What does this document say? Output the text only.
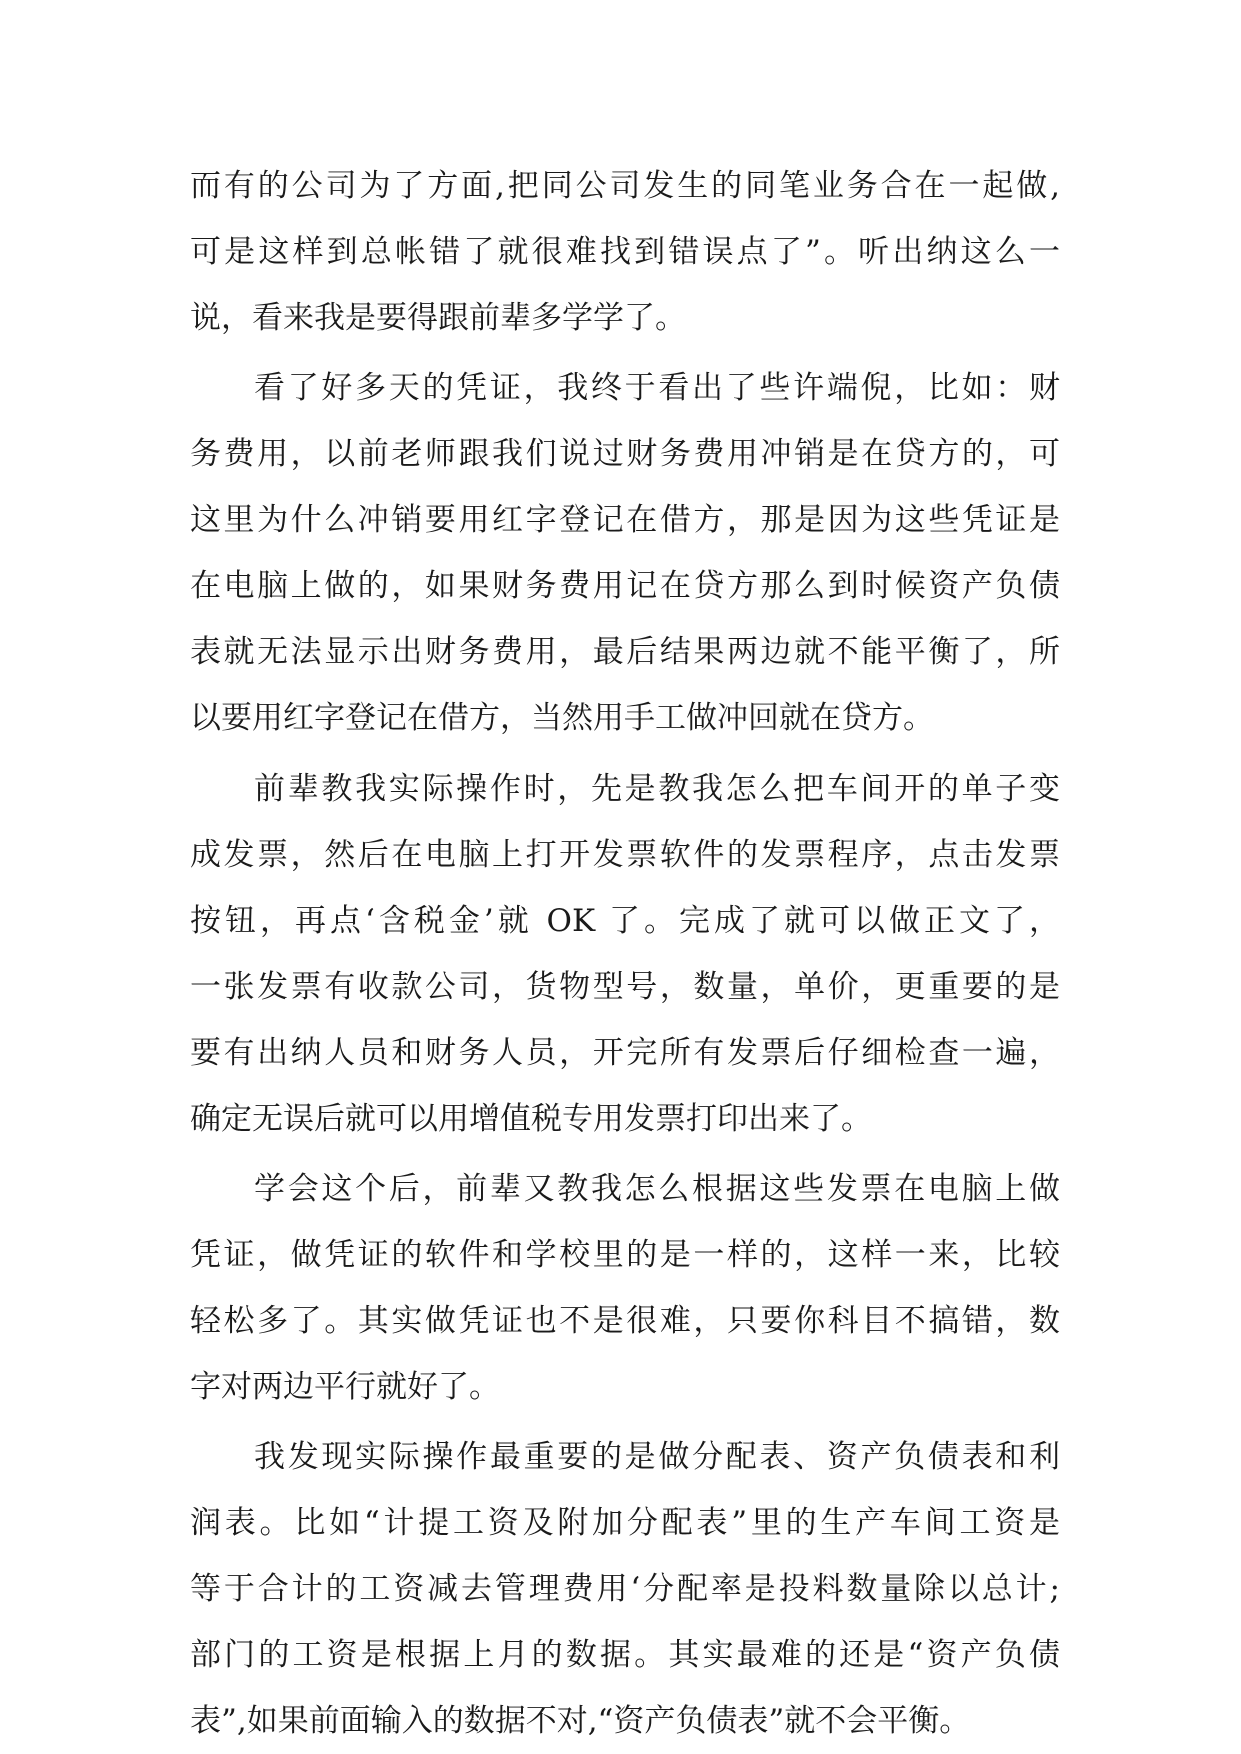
而有的公司为了方面,把同公司发生的同笔业务合在一起做,
可是这样到总帐错了就很难找到错误点了”。听出纳这么一
说，看来我是要得跟前辈多学学了。
看了好多天的凭证，我终于看出了些许端倪，比如：财
务费用，以前老师跟我们说过财务费用冲销是在贷方的，可
这里为什么冲销要用红字登记在借方，那是因为这些凭证是
在电脑上做的，如果财务费用记在贷方那么到时候资产负债
表就无法显示出财务费用，最后结果两边就不能平衡了，所
以要用红字登记在借方，当然用手工做冲回就在贷方。
前辈教我实际操作时，先是教我怎么把车间开的单子变
成发票，然后在电脑上打开发票软件的发票程序，点击发票
按钮，再点‘含税金’就 OK 了。完成了就可以做正文了，
一张发票有收款公司，货物型号，数量，单价，更重要的是
要有出纳人员和财务人员，开完所有发票后仔细检查一遍，
确定无误后就可以用增值税专用发票打印出来了。
学会这个后，前辈又教我怎么根据这些发票在电脑上做
凭证，做凭证的软件和学校里的是一样的，这样一来，比较
轻松多了。其实做凭证也不是很难，只要你科目不搞错，数
字对两边平行就好了。
我发现实际操作最重要的是做分配表、资产负债表和利
润表。比如“计提工资及附加分配表”里的生产车间工资是
等于合计的工资减去管理费用‘分配率是投料数量除以总计;
部门的工资是根据上月的数据。其实最难的还是“资产负债
表”,如果前面输入的数据不对,“资产负债表”就不会平衡。
